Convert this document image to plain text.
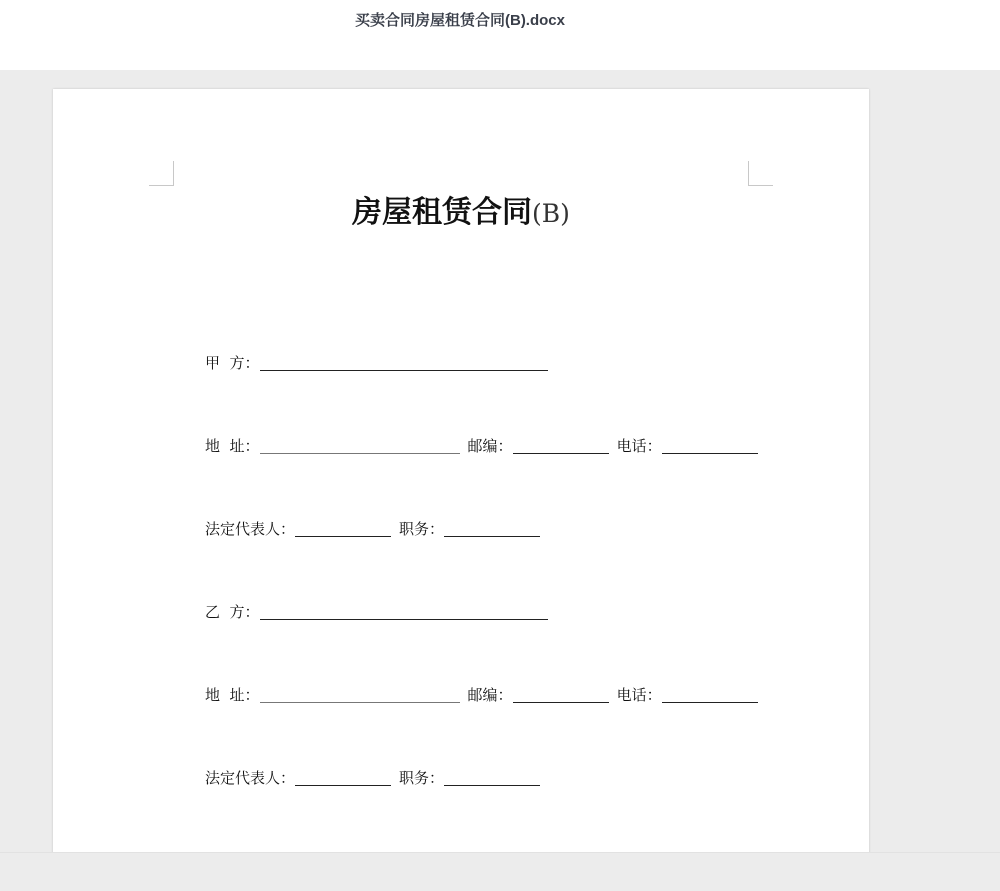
买卖合同房屋租赁合同(B).docx
房屋租赁合同(B)
甲  方：
地  址：	邮编：	电话：
法定代表人：	职务：
乙  方：
地  址：	邮编：	电话：
法定代表人：	职务：
